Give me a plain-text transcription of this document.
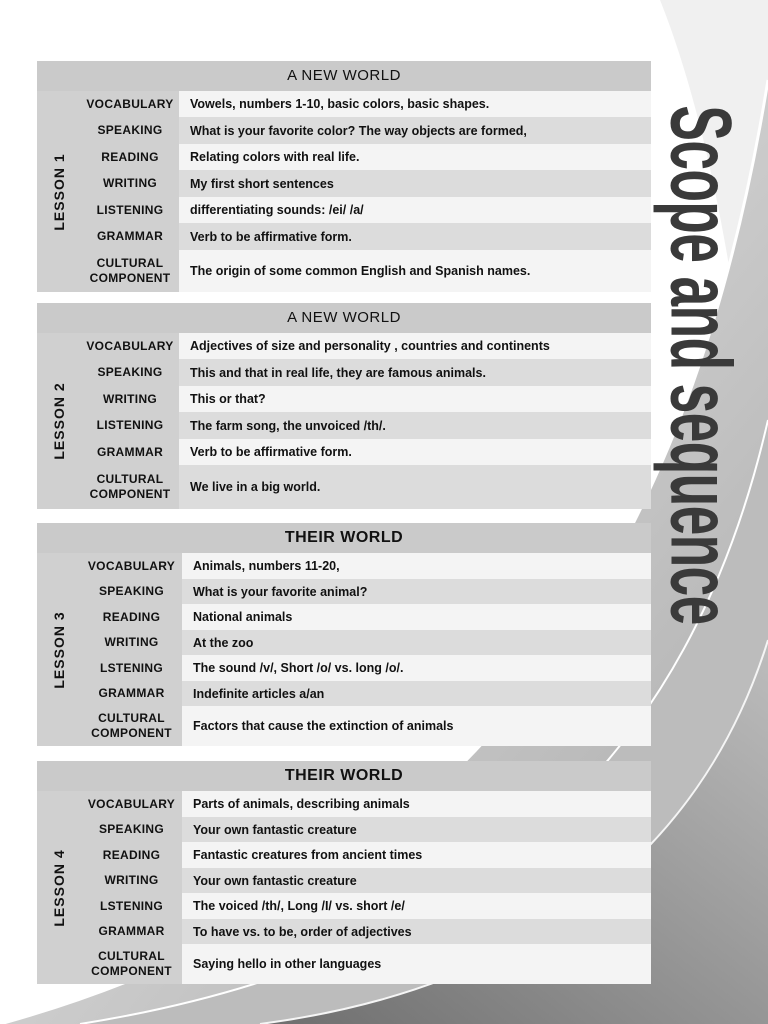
Scope and sequence
A NEW WORLD
LESSON 1
VOCABULARY	Vowels, numbers 1-10, basic colors, basic shapes.
SPEAKING	What is your favorite color? The way objects are formed,
READING	Relating colors with real life.
WRITING	My first short sentences
LISTENING	differentiating sounds: /ei/ /a/
GRAMMAR	Verb to be affirmative form.
CULTURAL COMPONENT	The origin of some common English and Spanish names.
A NEW WORLD
LESSON 2
VOCABULARY	Adjectives of size and personality , countries and continents
SPEAKING	This and that in real life, they are famous animals.
WRITING	This or that?
LISTENING	The farm song, the unvoiced /th/.
GRAMMAR	Verb to be affirmative form.
CULTURAL COMPONENT	We live in a big world.
THEIR WORLD
LESSON 3
VOCABULARY	Animals, numbers 11-20,
SPEAKING	What is your favorite animal?
READING	National animals
WRITING	At the zoo
LSTENING	The sound /v/, Short /o/ vs. long /o/.
GRAMMAR	Indefinite articles a/an
CULTURAL COMPONENT	Factors that cause the extinction of animals
THEIR WORLD
LESSON 4
VOCABULARY	Parts of animals, describing animals
SPEAKING	Your own fantastic creature
READING	Fantastic creatures from ancient times
WRITING	Your own fantastic creature
LSTENING	The voiced /th/, Long /I/ vs. short /e/
GRAMMAR	To have vs. to be, order of adjectives
CULTURAL COMPONENT	Saying hello in other languages
